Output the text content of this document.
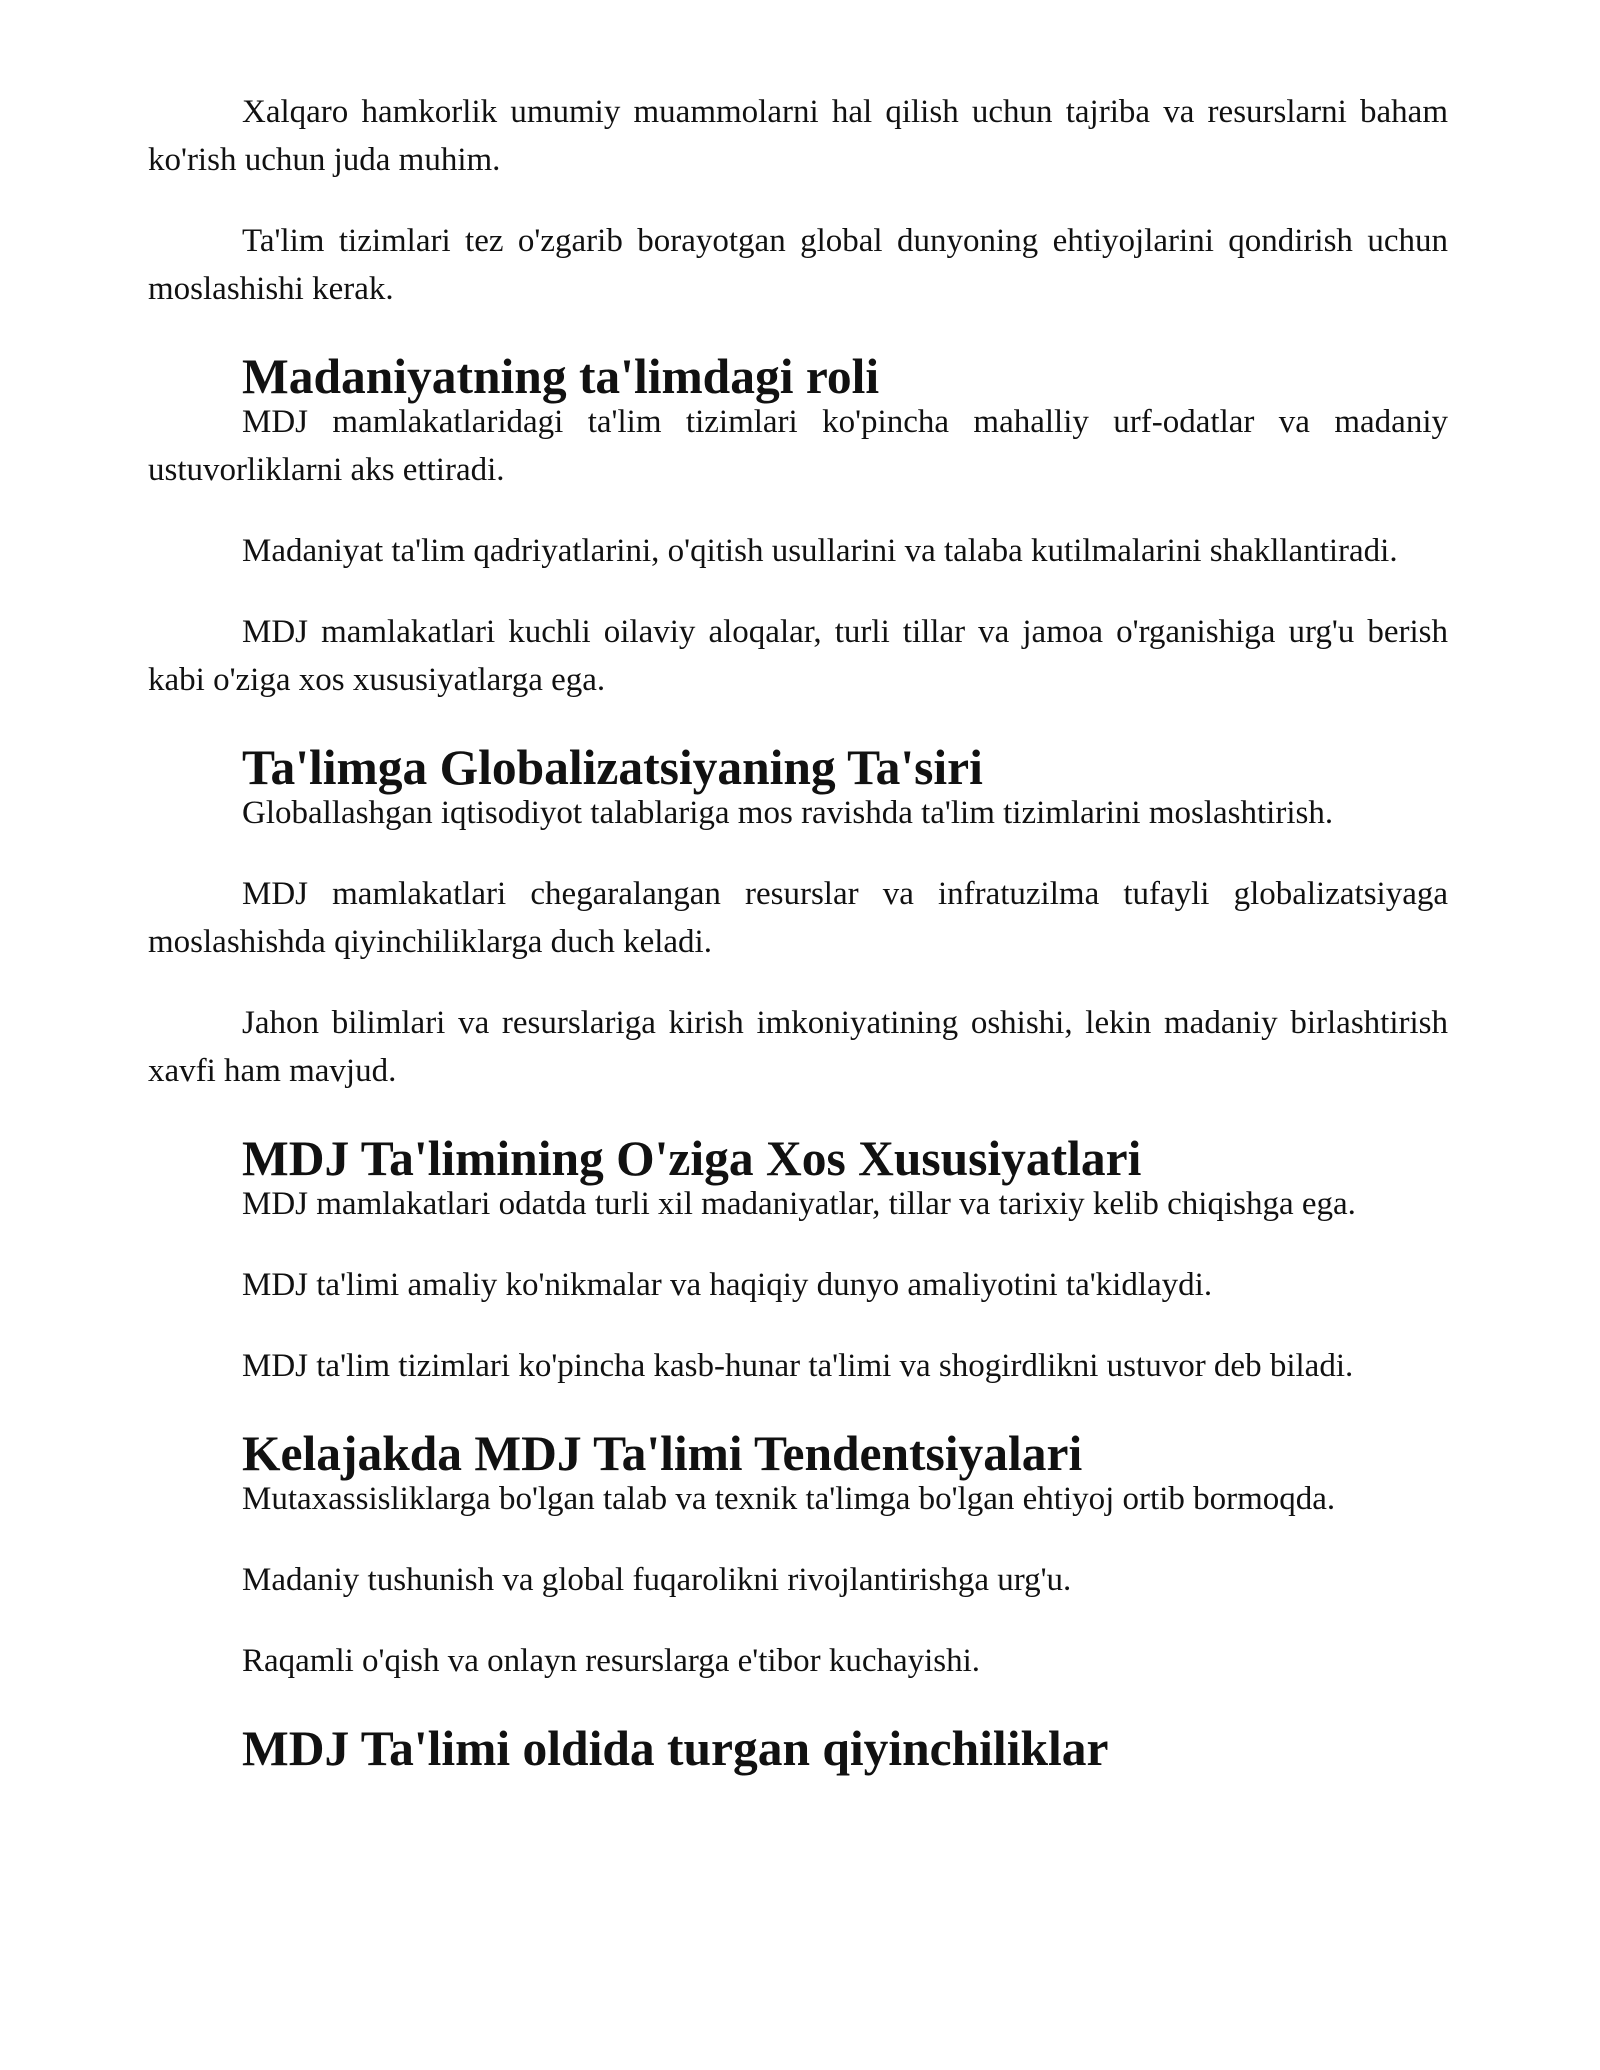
Xalqaro hamkorlik umumiy muammolarni hal qilish uchun tajriba va resurslarni baham ko'rish uchun juda muhim.

Ta'lim tizimlari tez o'zgarib borayotgan global dunyoning ehtiyojlarini qondirish uchun moslashishi kerak.

Madaniyatning ta'limdagi roli

MDJ mamlakatlaridagi ta'lim tizimlari ko'pincha mahalliy urf-odatlar va madaniy ustuvorliklarni aks ettiradi.

Madaniyat ta'lim qadriyatlarini, o'qitish usullarini va talaba kutilmalarini shakllantiradi.

MDJ mamlakatlari kuchli oilaviy aloqalar, turli tillar va jamoa o'rganishiga urg'u berish kabi o'ziga xos xususiyatlarga ega.

Ta'limga Globalizatsiyaning Ta'siri

Globallashgan iqtisodiyot talablariga mos ravishda ta'lim tizimlarini moslashtirish.

MDJ mamlakatlari chegaralangan resurslar va infratuzilma tufayli globalizatsiyaga moslashishda qiyinchiliklarga duch keladi.

Jahon bilimlari va resurslariga kirish imkoniyatining oshishi, lekin madaniy birlashtirish xavfi ham mavjud.

MDJ Ta'limining O'ziga Xos Xususiyatlari

MDJ mamlakatlari odatda turli xil madaniyatlar, tillar va tarixiy kelib chiqishga ega.

MDJ ta'limi amaliy ko'nikmalar va haqiqiy dunyo amaliyotini ta'kidlaydi.

MDJ ta'lim tizimlari ko'pincha kasb-hunar ta'limi va shogirdlikni ustuvor deb biladi.

Kelajakda MDJ Ta'limi Tendentsiyalari

Mutaxassisliklarga bo'lgan talab va texnik ta'limga bo'lgan ehtiyoj ortib bormoqda.

Madaniy tushunish va global fuqarolikni rivojlantirishga urg'u.

Raqamli o'qish va onlayn resurslarga e'tibor kuchayishi.

MDJ Ta'limi oldida turgan qiyinchiliklar
